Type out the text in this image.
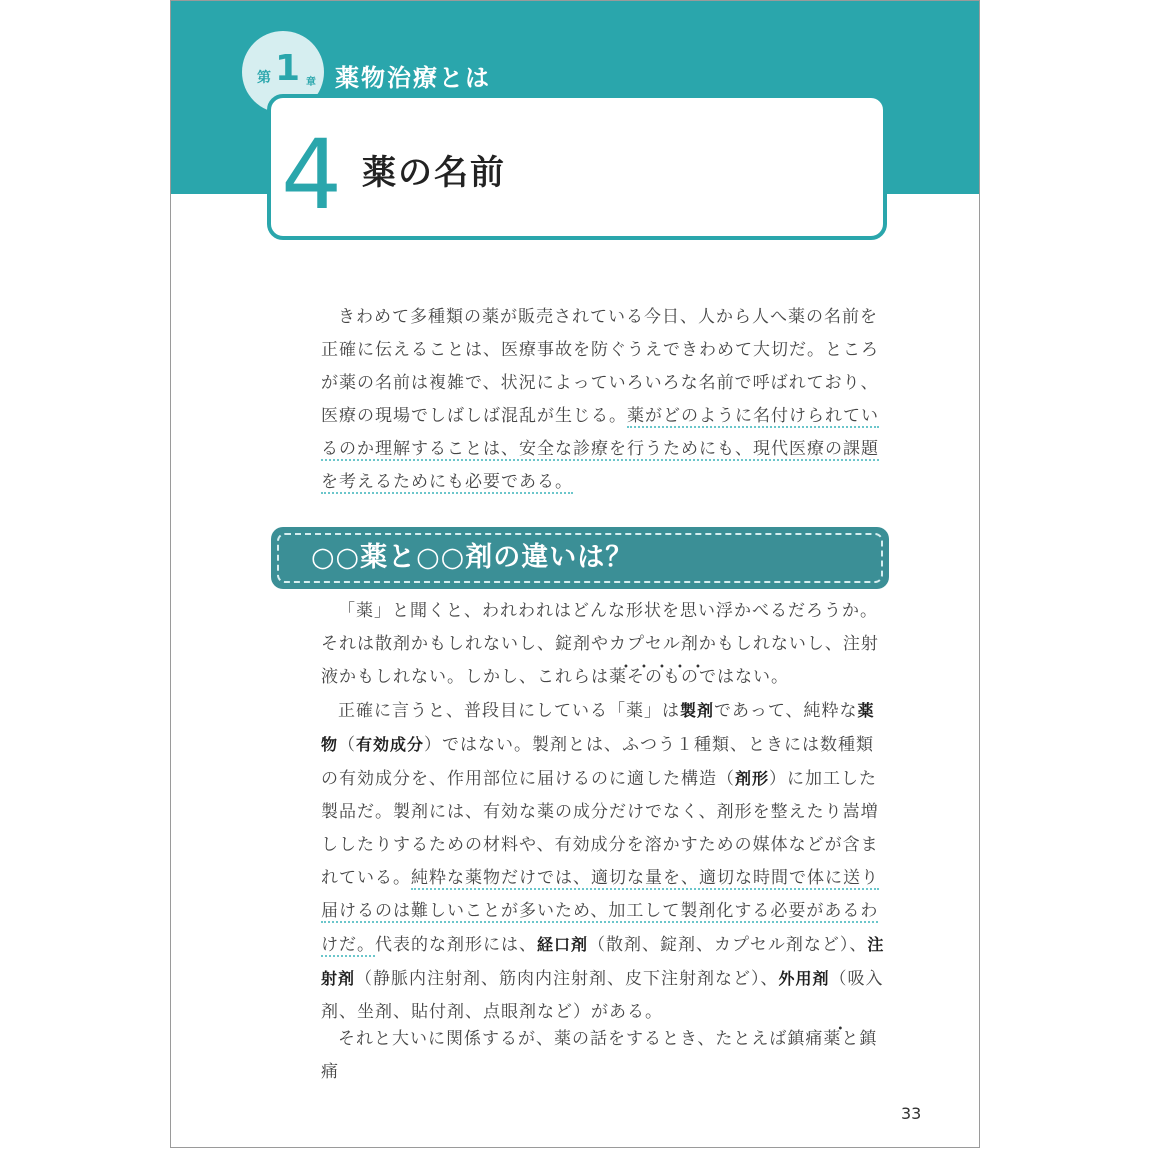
第 1 章 薬物治療とは
4 薬の名前

きわめて多種類の薬が販売されている今日、人から人へ薬の名前を正確に伝えることは、医療事故を防ぐうえできわめて大切だ。ところが薬の名前は複雑で、状況によっていろいろな名前で呼ばれており、医療の現場でしばしば混乱が生じる。薬がどのように名付けられているのか理解することは、安全な診療を行うためにも、現代医療の課題を考えるためにも必要である。

○○薬と○○剤の違いは？

「薬」と聞くと、われわれはどんな形状を思い浮かべるだろうか。それは散剤かもしれないし、錠剤やカプセル剤かもしれないし、注射液かもしれない。しかし、これらは薬そのものではない。

正確に言うと、普段目にしている「薬」は製剤であって、純粋な薬物（有効成分）ではない。製剤とは、ふつう１種類、ときには数種類の有効成分を、作用部位に届けるのに適した構造（剤形）に加工した製品だ。製剤には、有効な薬の成分だけでなく、剤形を整えたり嵩増ししたりするための材料や、有効成分を溶かすための媒体などが含まれている。純粋な薬物だけでは、適切な量を、適切な時間で体に送り届けるのは難しいことが多いため、加工して製剤化する必要があるわけだ。代表的な剤形には、経口剤（散剤、錠剤、カプセル剤など）、注射剤（静脈内注射剤、筋肉内注射剤、皮下注射剤など）、外用剤（吸入剤、坐剤、貼付剤、点眼剤など）がある。

それと大いに関係するが、薬の話をするとき、たとえば鎮痛薬と鎮痛

33
